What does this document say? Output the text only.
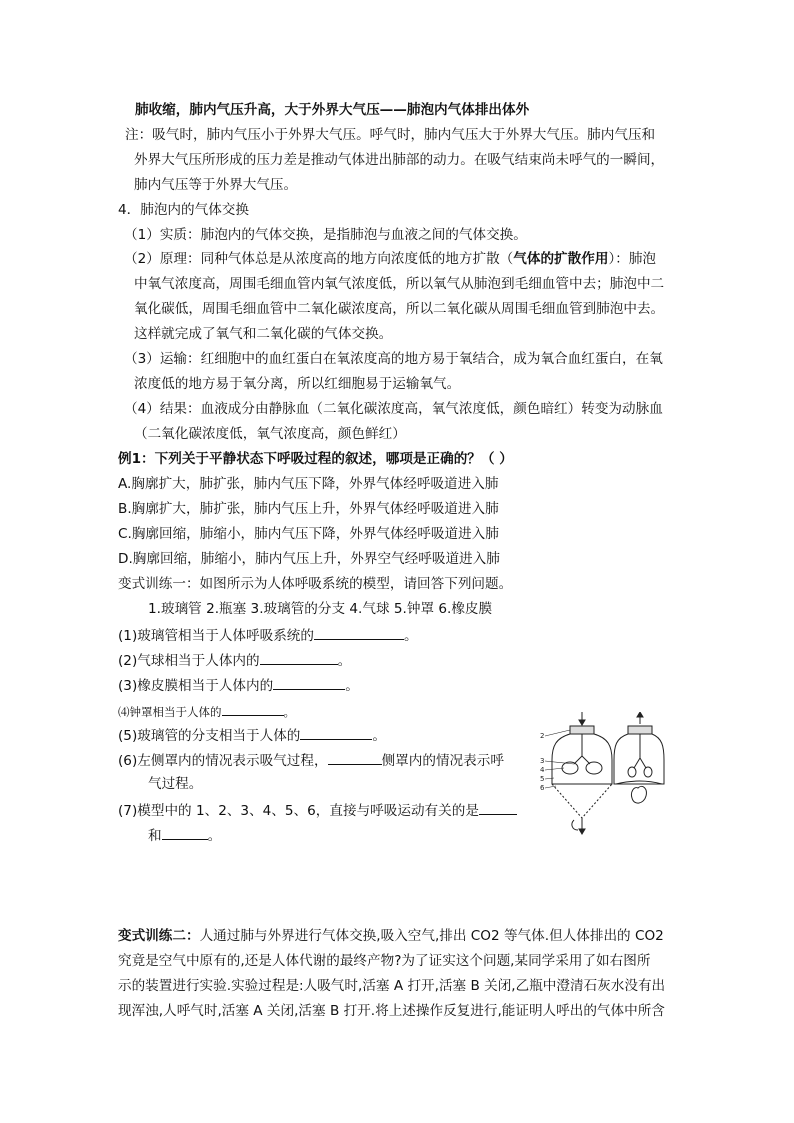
肺收缩，肺内气压升高，大于外界大气压——肺泡内气体排出体外
注：吸气时，肺内气压小于外界大气压。呼气时，肺内气压大于外界大气压。肺内气压和
外界大气压所形成的压力差是推动气体进出肺部的动力。在吸气结束尚未呼气的一瞬间，
肺内气压等于外界大气压。
4．肺泡内的气体交换
（1）实质：肺泡内的气体交换，是指肺泡与血液之间的气体交换。
（2）原理：同种气体总是从浓度高的地方向浓度低的地方扩散（气体的扩散作用）：肺泡
中氧气浓度高，周围毛细血管内氧气浓度低，所以氧气从肺泡到毛细血管中去；肺泡中二
氧化碳低，周围毛细血管中二氧化碳浓度高，所以二氧化碳从周围毛细血管到肺泡中去。
这样就完成了氧气和二氧化碳的气体交换。
（3）运输：红细胞中的血红蛋白在氧浓度高的地方易于氧结合，成为氧合血红蛋白，在氧
浓度低的地方易于氧分离，所以红细胞易于运输氧气。
（4）结果：血液成分由静脉血（二氧化碳浓度高，氧气浓度低，颜色暗红）转变为动脉血
（二氧化碳浓度低，氧气浓度高，颜色鲜红）
例1：下列关于平静状态下呼吸过程的叙述，哪项是正确的？（ ）
A.胸廓扩大，肺扩张，肺内气压下降，外界气体经呼吸道进入肺
B.胸廓扩大，肺扩张，肺内气压上升，外界气体经呼吸道进入肺
C.胸廓回缩，肺缩小，肺内气压下降，外界气体经呼吸道进入肺
D.胸廓回缩，肺缩小，肺内气压上升，外界空气经呼吸道进入肺
变式训练一：如图所示为人体呼吸系统的模型，请回答下列问题。
1.玻璃管 2.瓶塞 3.玻璃管的分支 4.气球 5.钟罩 6.橡皮膜
(1)玻璃管相当于人体呼吸系统的	。
(2)气球相当于人体内的	。
(3)橡皮膜相当于人体内的	。
⑷钟罩相当于人体的	。
(5)玻璃管的分支相当于人体的	。
(6)左侧罩内的情况表示吸气过程，	侧罩内的情况表示呼
气过程。
(7)模型中的 1、2、3、4、5、6，直接与呼吸运动有关的是
和	。
2
3
4
5
6
变式训练二：人通过肺与外界进行气体交换,吸入空气,排出 CO2 等气体.但人体排出的 CO2
究竟是空气中原有的,还是人体代谢的最终产物?为了证实这个问题,某同学采用了如右图所
示的装置进行实验.实验过程是:人吸气时,活塞 A 打开,活塞 B 关闭,乙瓶中澄清石灰水没有出
现浑浊,人呼气时,活塞 A 关闭,活塞 B 打开.将上述操作反复进行,能证明人呼出的气体中所含
